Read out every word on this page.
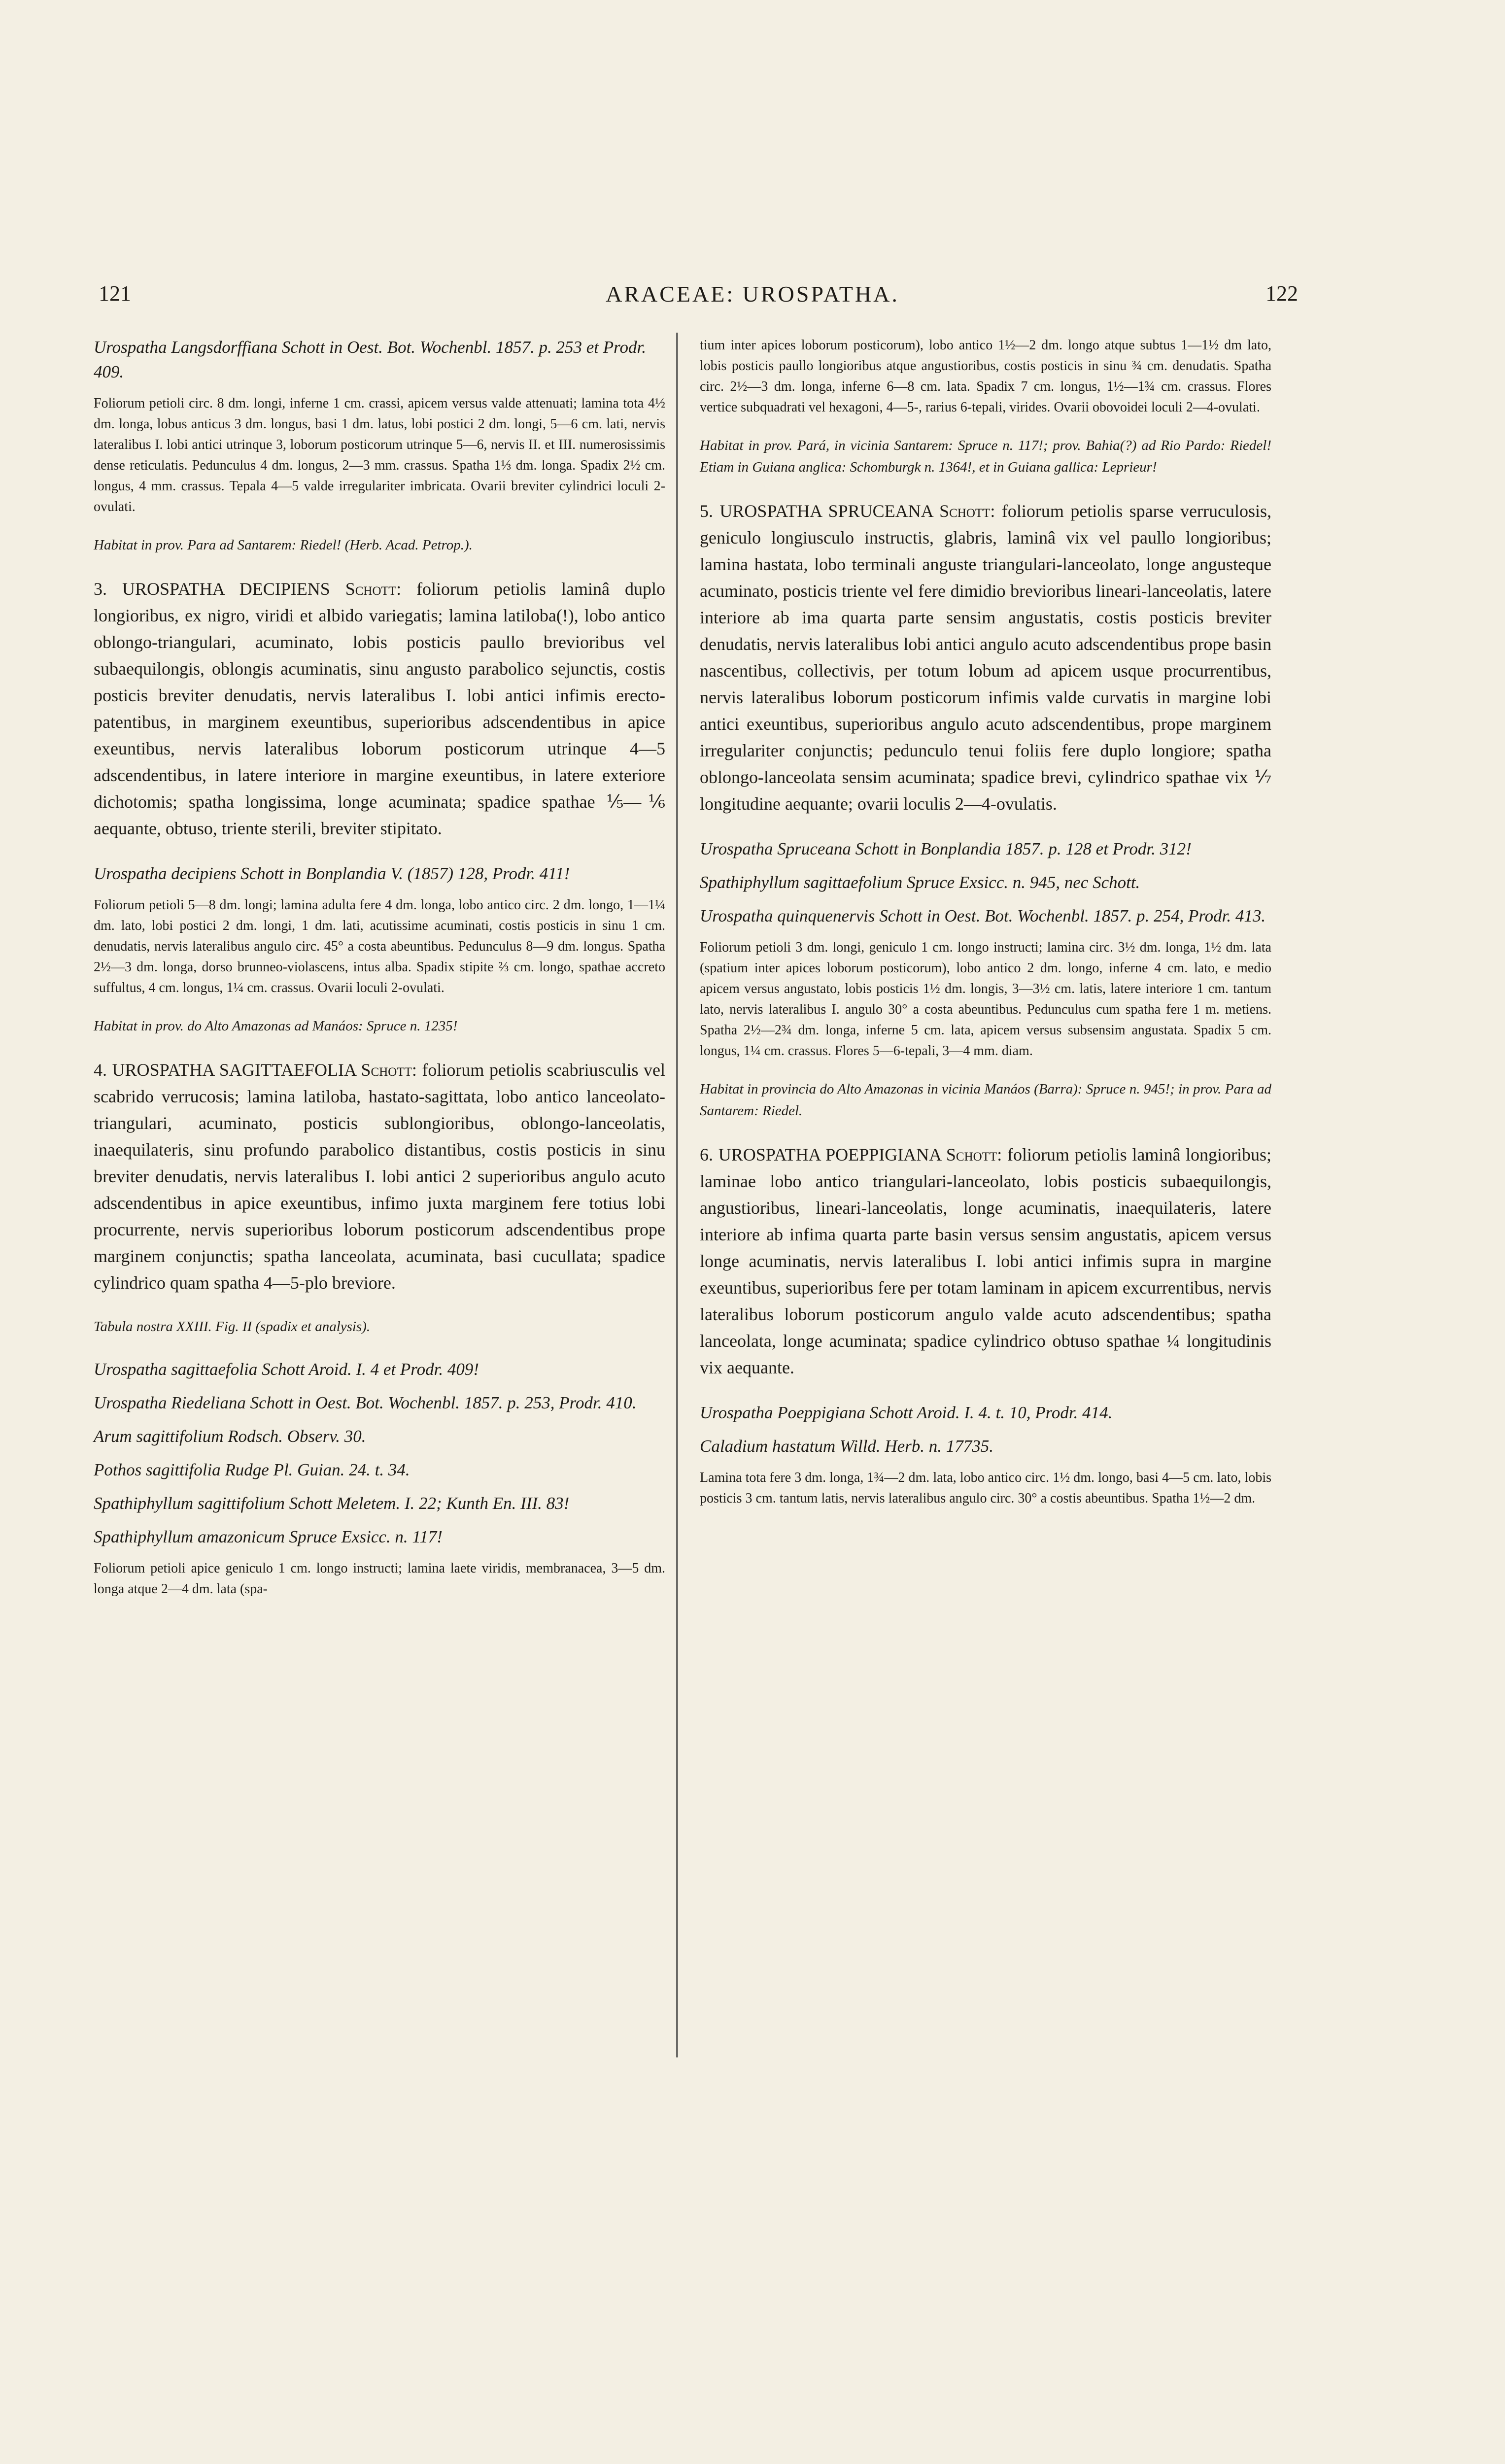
121	ARACEAE: UROSPATHA.	122

Urospatha Langsdorffiana Schott in Oest. Bot. Wochenbl. 1857. p. 253 et Prodr. 409.

Foliorum petioli circ. 8 dm. longi, inferne 1 cm. crassi, apicem versus valde attenuati; lamina tota 4½ dm. longa, lobus anticus 3 dm. longus, basi 1 dm. latus, lobi postici 2 dm. longi, 5—6 cm. lati, nervis lateralibus I. lobi antici utrinque 3, loborum posticorum utrinque 5—6, nervis II. et III. numerosissimis dense reticulatis. Pedunculus 4 dm. longus, 2—3 mm. crassus. Spatha 1⅓ dm. longa. Spadix 2½ cm. longus, 4 mm. crassus. Tepala 4—5 valde irregulariter imbricata. Ovarii breviter cylindrici loculi 2-ovulati.

Habitat in prov. Para ad Santarem: Riedel! (Herb. Acad. Petrop.).

3. UROSPATHA DECIPIENS Schott: foliorum petiolis laminâ duplo longioribus, ex nigro, viridi et albido variegatis; lamina latiloba(!), lobo antico oblongo-triangulari, acuminato, lobis posticis paullo brevioribus vel subaequilongis, oblongis acuminatis, sinu angusto parabolico sejunctis, costis posticis breviter denudatis, nervis lateralibus I. lobi antici infimis erecto-patentibus, in marginem exeuntibus, superioribus adscendentibus in apice exeuntibus, nervis lateralibus loborum posticorum utrinque 4—5 adscendentibus, in latere interiore in margine exeuntibus, in latere exteriore dichotomis; spatha longissima, longe acuminata; spadice spathae ⅕—⅙ aequante, obtuso, triente sterili, breviter stipitato.

Urospatha decipiens Schott in Bonplandia V. (1857) 128, Prodr. 411!

Foliorum petioli 5—8 dm. longi; lamina adulta fere 4 dm. longa, lobo antico circ. 2 dm. longo, 1—1¼ dm. lato, lobi postici 2 dm. longi, 1 dm. lati, acutissime acuminati, costis posticis in sinu 1 cm. denudatis, nervis lateralibus angulo circ. 45° a costa abeuntibus. Pedunculus 8—9 dm. longus. Spatha 2½—3 dm. longa, dorso brunneo-violascens, intus alba. Spadix stipite ⅔ cm. longo, spathae accreto suffultus, 4 cm. longus, 1¼ cm. crassus. Ovarii loculi 2-ovulati.

Habitat in prov. do Alto Amazonas ad Manáos: Spruce n. 1235!

4. UROSPATHA SAGITTAEFOLIA Schott: foliorum petiolis scabriusculis vel scabrido verrucosis; lamina latiloba, hastato-sagittata, lobo antico lanceolato-triangulari, acuminato, posticis sublongioribus, oblongo-lanceolatis, inaequilateris, sinu profundo parabolico distantibus, costis posticis in sinu breviter denudatis, nervis lateralibus I. lobi antici 2 superioribus angulo acuto adscendentibus in apice exeuntibus, infimo juxta marginem fere totius lobi procurrente, nervis superioribus loborum posticorum adscendentibus prope marginem conjunctis; spatha lanceolata, acuminata, basi cucullata; spadice cylindrico quam spatha 4—5-plo breviore.

Tabula nostra XXIII. Fig. II (spadix et analysis).

Urospatha sagittaefolia Schott Aroid. I. 4 et Prodr. 409!

Urospatha Riedeliana Schott in Oest. Bot. Wochenbl. 1857. p. 253, Prodr. 410.

Arum sagittifolium Rodsch. Observ. 30.

Pothos sagittifolia Rudge Pl. Guian. 24. t. 34.

Spathiphyllum sagittifolium Schott Meletem. I. 22; Kunth En. III. 83!

Spathiphyllum amazonicum Spruce Exsicc. n. 117!

Foliorum petioli apice geniculo 1 cm. longo instructi; lamina laete viridis, membranacea, 3—5 dm. longa atque 2—4 dm. lata (spa-

tium inter apices loborum posticorum), lobo antico 1½—2 dm. longo atque subtus 1—1½ dm lato, lobis posticis paullo longioribus atque angustioribus, costis posticis in sinu ¾ cm. denudatis. Spatha circ. 2½—3 dm. longa, inferne 6—8 cm. lata. Spadix 7 cm. longus, 1½—1¾ cm. crassus. Flores vertice subquadrati vel hexagoni, 4—5-, rarius 6-tepali, virides. Ovarii obovoidei loculi 2—4-ovulati.

Habitat in prov. Pará, in vicinia Santarem: Spruce n. 117!; prov. Bahia(?) ad Rio Pardo: Riedel! Etiam in Guiana anglica: Schomburgk n. 1364!, et in Guiana gallica: Leprieur!

5. UROSPATHA SPRUCEANA Schott: foliorum petiolis sparse verruculosis, geniculo longiusculo instructis, glabris, laminâ vix vel paullo longioribus; lamina hastata, lobo terminali anguste triangulari-lanceolato, longe angusteque acuminato, posticis triente vel fere dimidio brevioribus lineari-lanceolatis, latere interiore ab ima quarta parte sensim angustatis, costis posticis breviter denudatis, nervis lateralibus lobi antici angulo acuto adscendentibus prope basin nascentibus, collectivis, per totum lobum ad apicem usque procurrentibus, nervis lateralibus loborum posticorum infimis valde curvatis in margine lobi antici exeuntibus, superioribus angulo acuto adscendentibus, prope marginem irregulariter conjunctis; pedunculo tenui foliis fere duplo longiore; spatha oblongo-lanceolata sensim acuminata; spadice brevi, cylindrico spathae vix ⅐ longitudine aequante; ovarii loculis 2—4-ovulatis.

Urospatha Spruceana Schott in Bonplandia 1857. p. 128 et Prodr. 312!

Spathiphyllum sagittaefolium Spruce Exsicc. n. 945, nec Schott.

Urospatha quinquenervis Schott in Oest. Bot. Wochenbl. 1857. p. 254, Prodr. 413.

Foliorum petioli 3 dm. longi, geniculo 1 cm. longo instructi; lamina circ. 3½ dm. longa, 1½ dm. lata (spatium inter apices loborum posticorum), lobo antico 2 dm. longo, inferne 4 cm. lato, e medio apicem versus angustato, lobis posticis 1½ dm. longis, 3—3½ cm. latis, latere interiore 1 cm. tantum lato, nervis lateralibus I. angulo 30° a costa abeuntibus. Pedunculus cum spatha fere 1 m. metiens. Spatha 2½—2¾ dm. longa, inferne 5 cm. lata, apicem versus subsensim angustata. Spadix 5 cm. longus, 1¼ cm. crassus. Flores 5—6-tepali, 3—4 mm. diam.

Habitat in provincia do Alto Amazonas in vicinia Manáos (Barra): Spruce n. 945!; in prov. Para ad Santarem: Riedel.

6. UROSPATHA POEPPIGIANA Schott: foliorum petiolis laminâ longioribus; laminae lobo antico triangulari-lanceolato, lobis posticis subaequilongis, angustioribus, lineari-lanceolatis, longe acuminatis, inaequilateris, latere interiore ab infima quarta parte basin versus sensim angustatis, apicem versus longe acuminatis, nervis lateralibus I. lobi antici infimis supra in margine exeuntibus, superioribus fere per totam laminam in apicem excurrentibus, nervis lateralibus loborum posticorum angulo valde acuto adscendentibus; spatha lanceolata, longe acuminata; spadice cylindrico obtuso spathae ¼ longitudinis vix aequante.

Urospatha Poeppigiana Schott Aroid. I. 4. t. 10, Prodr. 414.

Caladium hastatum Willd. Herb. n. 17735.

Lamina tota fere 3 dm. longa, 1¾—2 dm. lata, lobo antico circ. 1½ dm. longo, basi 4—5 cm. lato, lobis posticis 3 cm. tantum latis, nervis lateralibus angulo circ. 30° a costis abeuntibus. Spatha 1½—2 dm.
